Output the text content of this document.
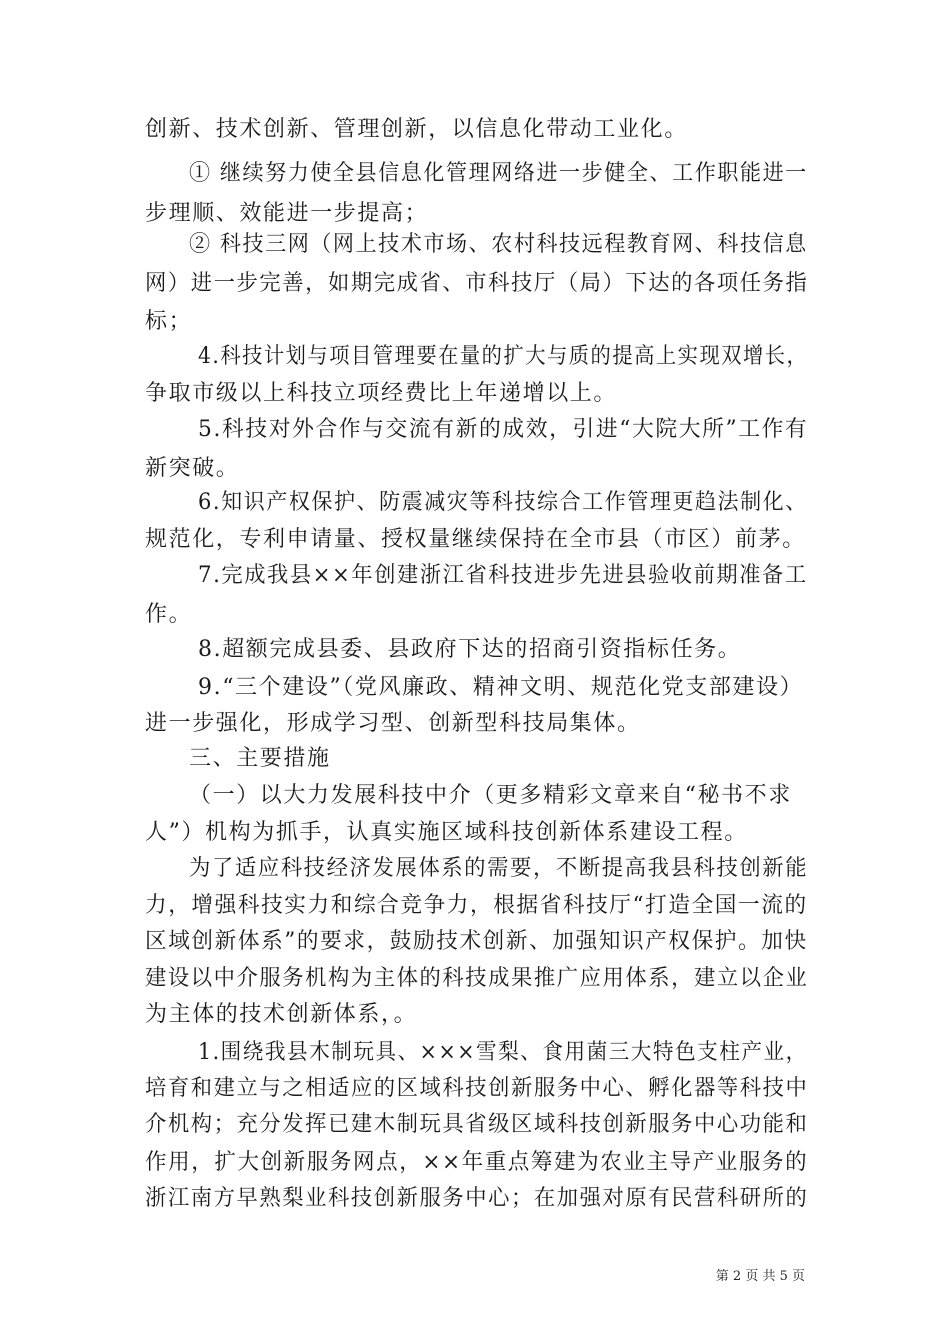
创新、技术创新、管理创新，以信息化带动工业化。
① 继续努力使全县信息化管理网络进一步健全、工作职能进一
步理顺、效能进一步提高；
② 科技三网（网上技术市场、农村科技远程教育网、科技信息
网）进一步完善，如期完成省、市科技厅（局）下达的各项任务指
标；
4.科技计划与项目管理要在量的扩大与质的提高上实现双增长，
争取市级以上科技立项经费比上年递增以上。
5.科技对外合作与交流有新的成效，引进“大院大所”工作有
新突破。
6.知识产权保护、防震减灾等科技综合工作管理更趋法制化、
规范化，专利申请量、授权量继续保持在全市县（市区）前茅。
7.完成我县××年创建浙江省科技进步先进县验收前期准备工
作。
8.超额完成县委、县政府下达的招商引资指标任务。
9.“三个建设”（党风廉政、精神文明、规范化党支部建设）
进一步强化，形成学习型、创新型科技局集体。
三、主要措施
（一）以大力发展科技中介（更多精彩文章来自“秘书不求
人”）机构为抓手，认真实施区域科技创新体系建设工程。
为了适应科技经济发展体系的需要，不断提高我县科技创新能
力，增强科技实力和综合竞争力，根据省科技厅“打造全国一流的
区域创新体系”的要求，鼓励技术创新、加强知识产权保护。加快
建设以中介服务机构为主体的科技成果推广应用体系，建立以企业
为主体的技术创新体系，。
1.围绕我县木制玩具、×××雪梨、食用菌三大特色支柱产业，
培育和建立与之相适应的区域科技创新服务中心、孵化器等科技中
介机构；充分发挥已建木制玩具省级区域科技创新服务中心功能和
作用，扩大创新服务网点，××年重点筹建为农业主导产业服务的
浙江南方早熟梨业科技创新服务中心；在加强对原有民营科研所的
第 2 页 共 5 页
